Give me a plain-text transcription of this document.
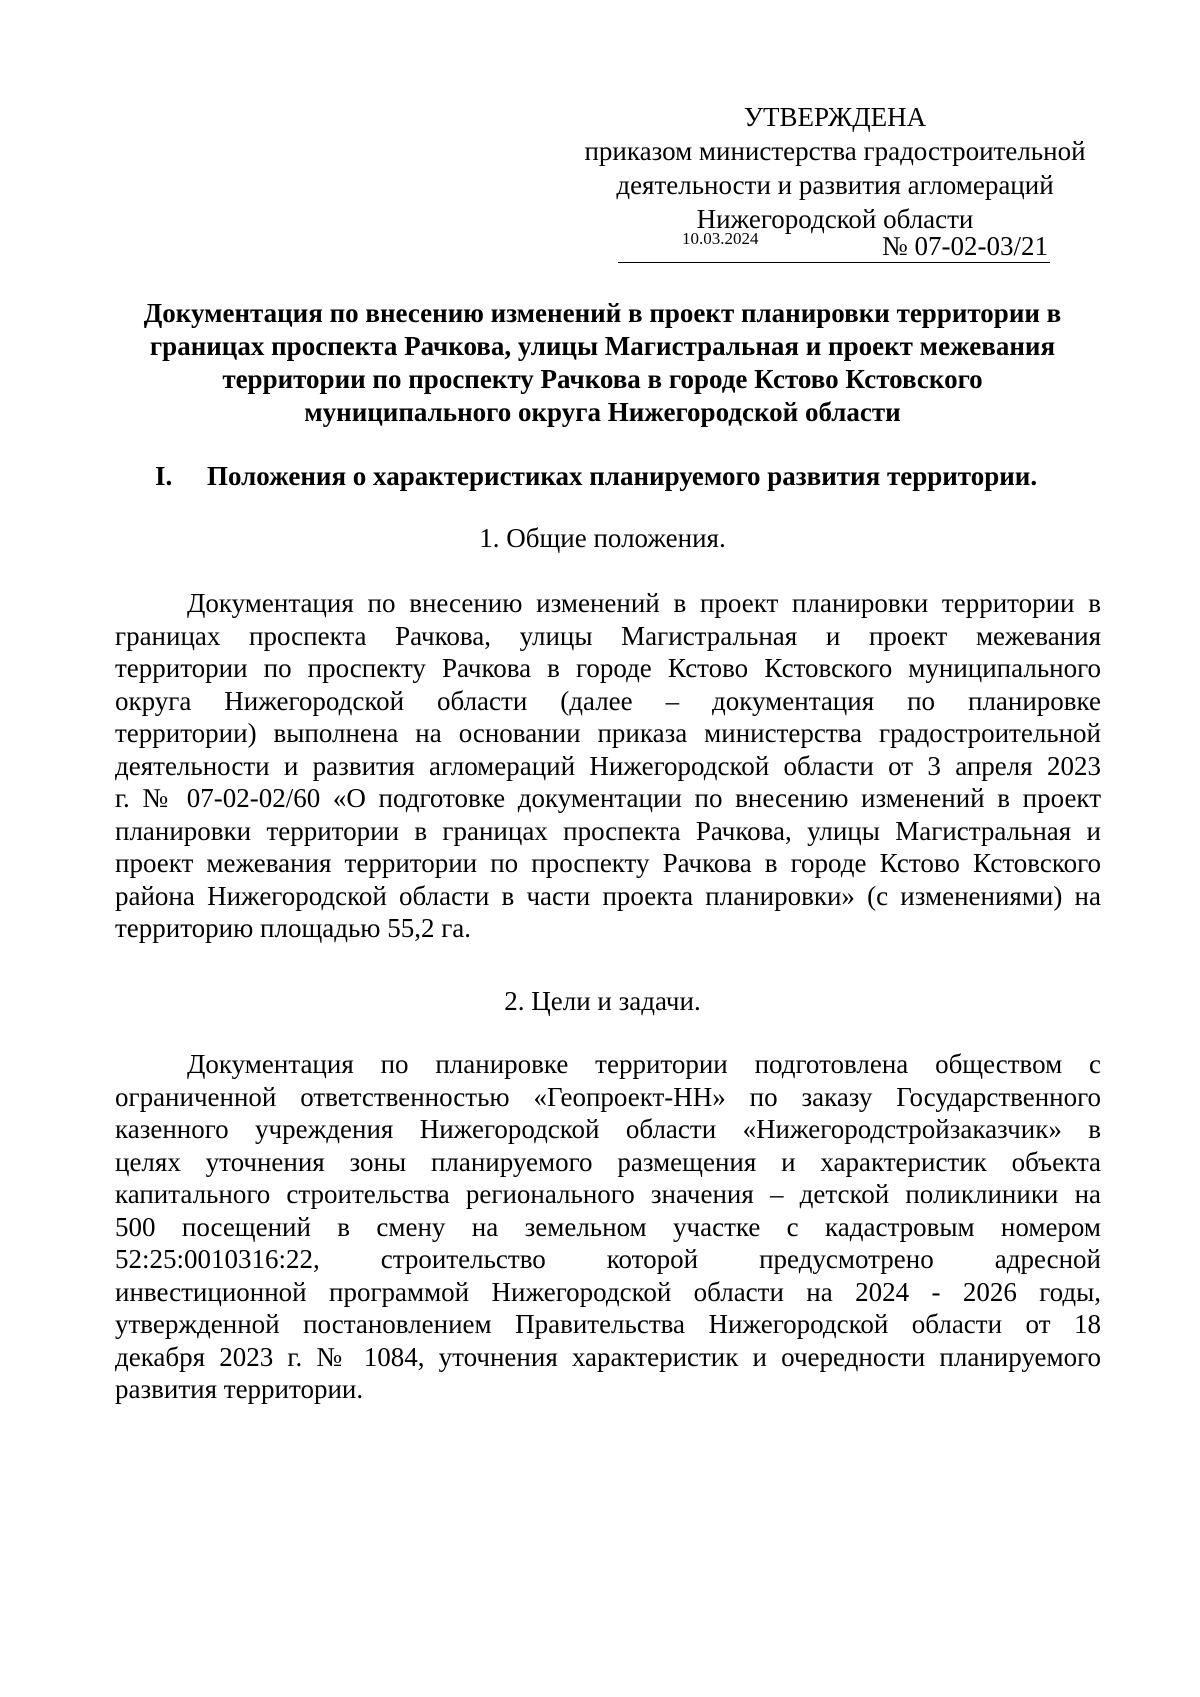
УТВЕРЖДЕНА
приказом министерства градостроительной
деятельности и развития агломераций
Нижегородской области
10.03.2024	№ 07-02-03/21
Документация по внесению изменений в проект планировки территории в
границах проспекта Рачкова, улицы Магистральная и проект межевания
территории по проспекту Рачкова в городе Кстово Кстовского
муниципального округа Нижегородской области
I. Положения о характеристиках планируемого развития территории.
1. Общие положения.
Документация по внесению изменений в проект планировки территории в
границах проспекта Рачкова, улицы Магистральная и проект межевания
территории по проспекту Рачкова в городе Кстово Кстовского муниципального
округа Нижегородской области (далее – документация по планировке
территории) выполнена на основании приказа министерства градостроительной
деятельности и развития агломераций Нижегородской области от 3 апреля 2023
г. № 07-02-02/60 «О подготовке документации по внесению изменений в проект
планировки территории в границах проспекта Рачкова, улицы Магистральная и
проект межевания территории по проспекту Рачкова в городе Кстово Кстовского
района Нижегородской области в части проекта планировки» (с изменениями) на
территорию площадью 55,2 га.
2. Цели и задачи.
Документация по планировке территории подготовлена обществом с
ограниченной ответственностью «Геопроект-НН» по заказу Государственного
казенного учреждения Нижегородской области «Нижегородстройзаказчик» в
целях уточнения зоны планируемого размещения и характеристик объекта
капитального строительства регионального значения – детской поликлиники на
500 посещений в смену на земельном участке с кадастровым номером
52:25:0010316:22, строительство которой предусмотрено адресной
инвестиционной программой Нижегородской области на 2024 - 2026 годы,
утвержденной постановлением Правительства Нижегородской области от 18
декабря 2023 г. № 1084, уточнения характеристик и очередности планируемого
развития территории.
